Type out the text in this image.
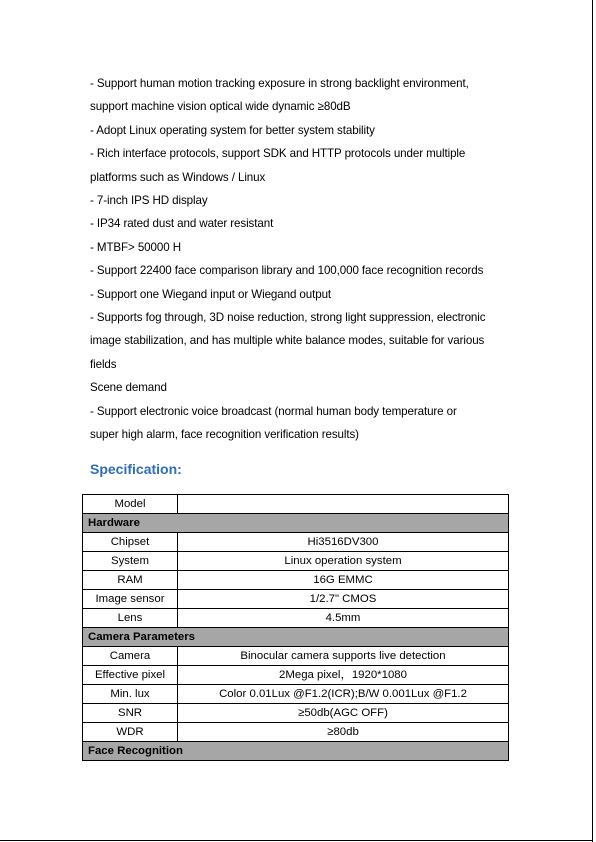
- Support human motion tracking exposure in strong backlight environment,
support machine vision optical wide dynamic ≥80dB
- Adopt Linux operating system for better system stability
- Rich interface protocols, support SDK and HTTP protocols under multiple
platforms such as Windows / Linux
- 7-inch IPS HD display
- IP34 rated dust and water resistant
- MTBF> 50000 H
- Support 22400 face comparison library and 100,000 face recognition records
- Support one Wiegand input or Wiegand output
- Supports fog through, 3D noise reduction, strong light suppression, electronic
image stabilization, and has multiple white balance modes, suitable for various
fields
Scene demand
- Support electronic voice broadcast (normal human body temperature or
super high alarm, face recognition verification results)
Specification:
Model	
Hardware	
Chipset	Hi3516DV300
System	Linux operation system
RAM	16G EMMC
Image sensor	1/2.7" CMOS
Lens	4.5mm
Camera Parameters	
Camera	Binocular camera supports live detection
Effective pixel	2Mega pixel，1920*1080
Min. lux	Color 0.01Lux @F1.2(ICR);B/W 0.001Lux @F1.2
SNR	≥50db(AGC OFF)
WDR	≥80db
Face Recognition	
